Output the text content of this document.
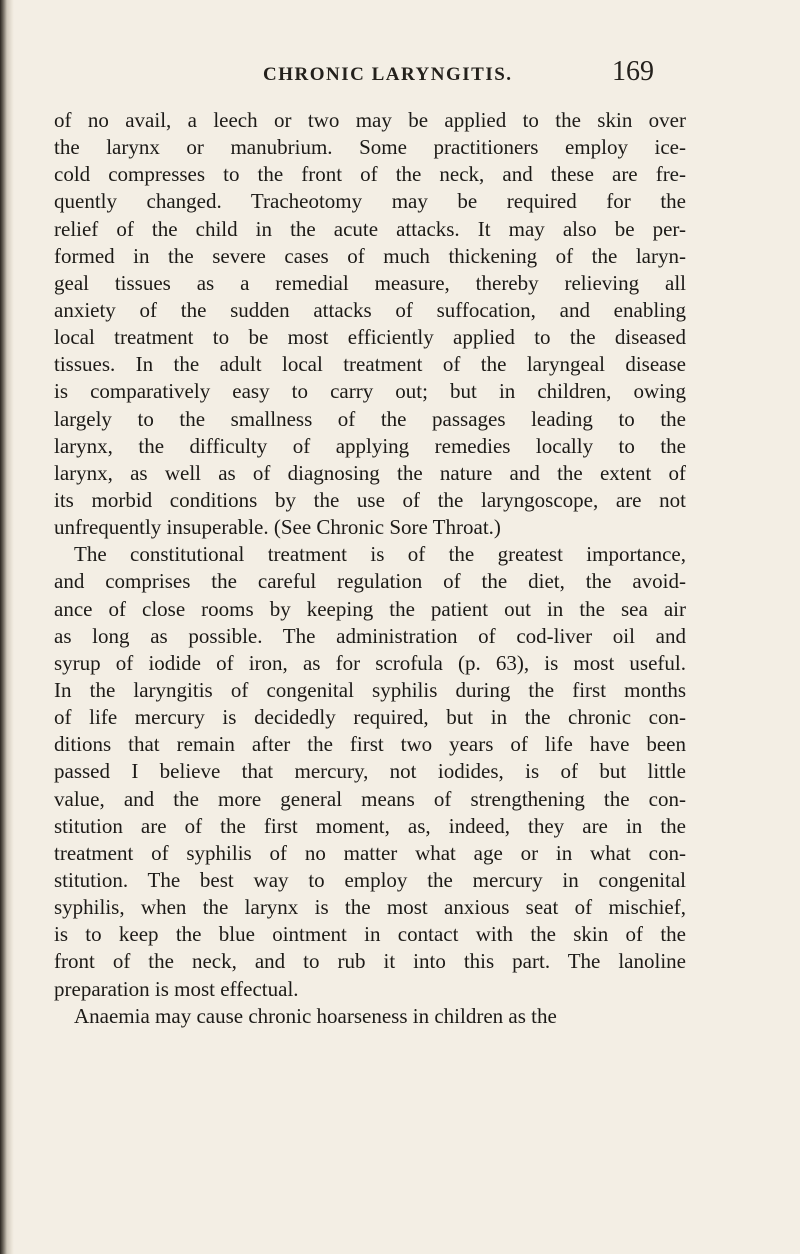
CHRONIC LARYNGITIS.	169
of no avail, a leech or two may be applied to the skin over
the larynx or manubrium. Some practitioners employ ice-
cold compresses to the front of the neck, and these are fre-
quently changed. Tracheotomy may be required for the
relief of the child in the acute attacks. It may also be per-
formed in the severe cases of much thickening of the laryn-
geal tissues as a remedial measure, thereby relieving all
anxiety of the sudden attacks of suffocation, and enabling
local treatment to be most efficiently applied to the diseased
tissues. In the adult local treatment of the laryngeal disease
is comparatively easy to carry out; but in children, owing
largely to the smallness of the passages leading to the
larynx, the difficulty of applying remedies locally to the
larynx, as well as of diagnosing the nature and the extent of
its morbid conditions by the use of the laryngoscope, are not
unfrequently insuperable. (See Chronic Sore Throat.)
The constitutional treatment is of the greatest importance,
and comprises the careful regulation of the diet, the avoid-
ance of close rooms by keeping the patient out in the sea air
as long as possible. The administration of cod-liver oil and
syrup of iodide of iron, as for scrofula (p. 63), is most useful.
In the laryngitis of congenital syphilis during the first months
of life mercury is decidedly required, but in the chronic con-
ditions that remain after the first two years of life have been
passed I believe that mercury, not iodides, is of but little
value, and the more general means of strengthening the con-
stitution are of the first moment, as, indeed, they are in the
treatment of syphilis of no matter what age or in what con-
stitution. The best way to employ the mercury in congenital
syphilis, when the larynx is the most anxious seat of mischief,
is to keep the blue ointment in contact with the skin of the
front of the neck, and to rub it into this part. The lanoline
preparation is most effectual.
Anaemia may cause chronic hoarseness in children as the
